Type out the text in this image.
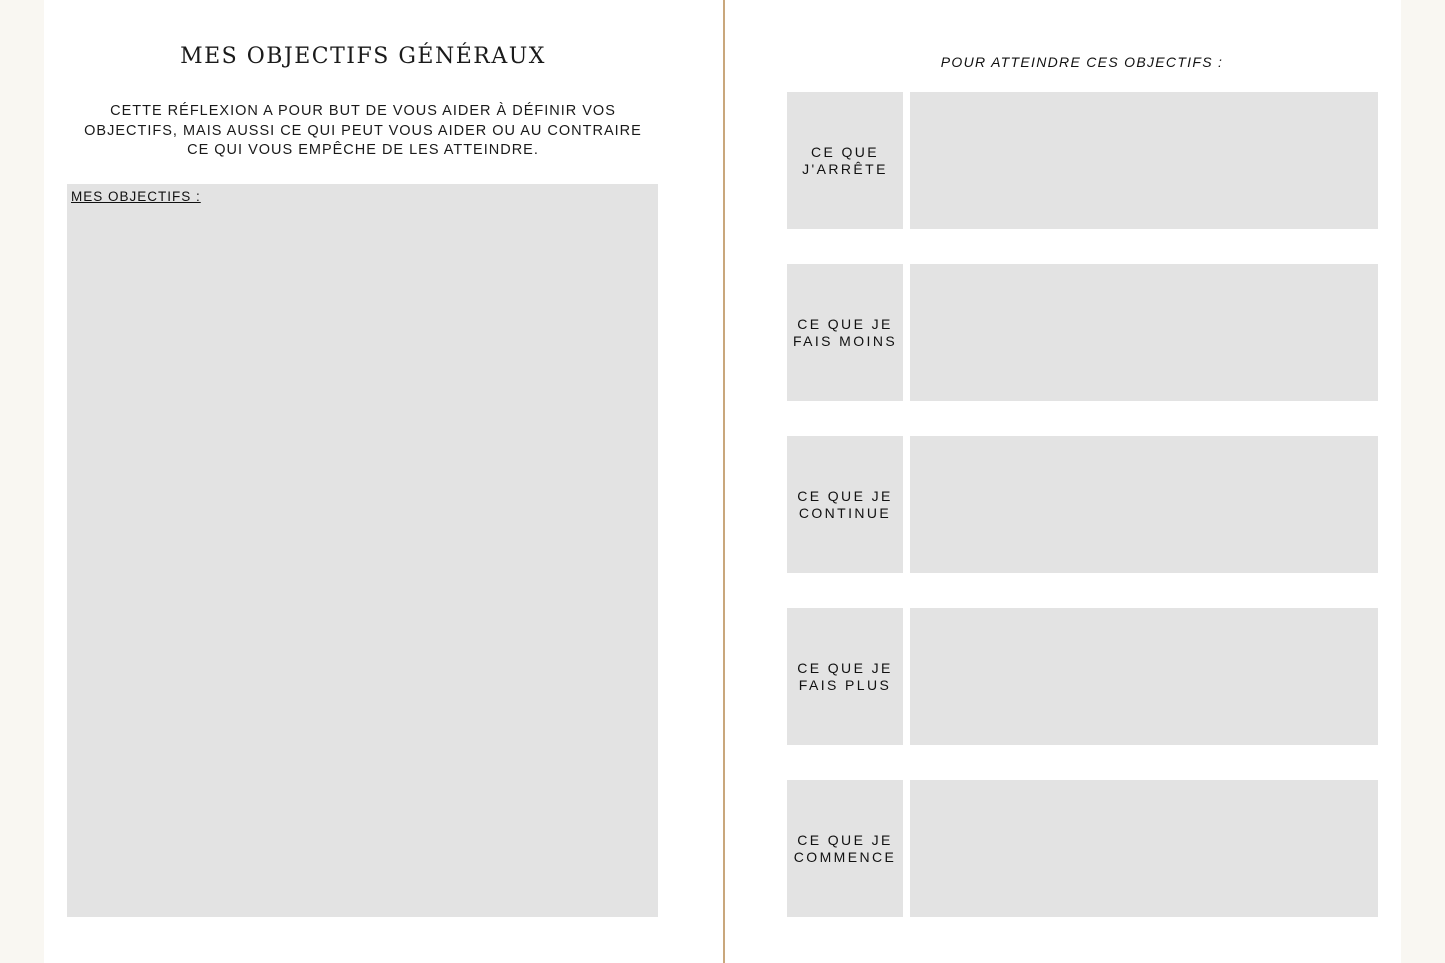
MES OBJECTIFS GÉNÉRAUX
CETTE RÉFLEXION A POUR BUT DE VOUS AIDER À DÉFINIR VOS
OBJECTIFS, MAIS AUSSI CE QUI PEUT VOUS AIDER OU AU CONTRAIRE
CE QUI VOUS EMPÊCHE DE LES ATTEINDRE.
MES OBJECTIFS :
POUR ATTEINDRE CES OBJECTIFS :
CE QUE
J'ARRÊTE
CE QUE JE
FAIS MOINS
CE QUE JE
CONTINUE
CE QUE JE
FAIS PLUS
CE QUE JE
COMMENCE
